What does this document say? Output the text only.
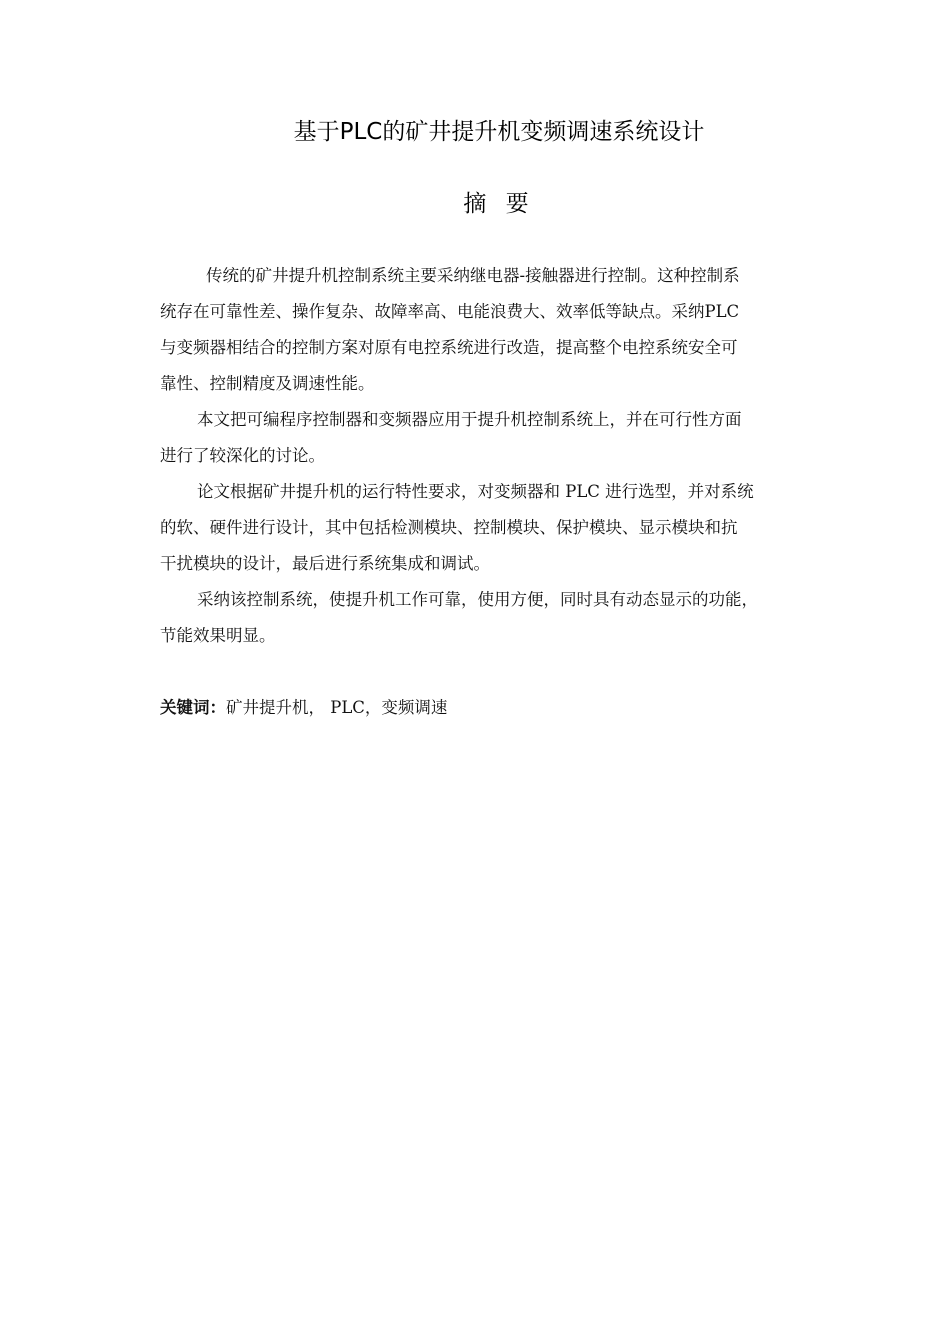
基于PLC的矿井提升机变频调速系统设计
摘 要
传统的矿井提升机控制系统主要采纳继电器-接触器进行控制。这种控制系
统存在可靠性差、操作复杂、故障率高、电能浪费大、效率低等缺点。采纳PLC
与变频器相结合的控制方案对原有电控系统进行改造，提高整个电控系统安全可
靠性、控制精度及调速性能。
本文把可编程序控制器和变频器应用于提升机控制系统上，并在可行性方面
进行了较深化的讨论。
论文根据矿井提升机的运行特性要求，对变频器和 PLC 进行选型，并对系统
的软、硬件进行设计，其中包括检测模块、控制模块、保护模块、显示模块和抗
干扰模块的设计，最后进行系统集成和调试。
采纳该控制系统，使提升机工作可靠，使用方便，同时具有动态显示的功能，
节能效果明显。
关键词：矿井提升机， PLC，变频调速
